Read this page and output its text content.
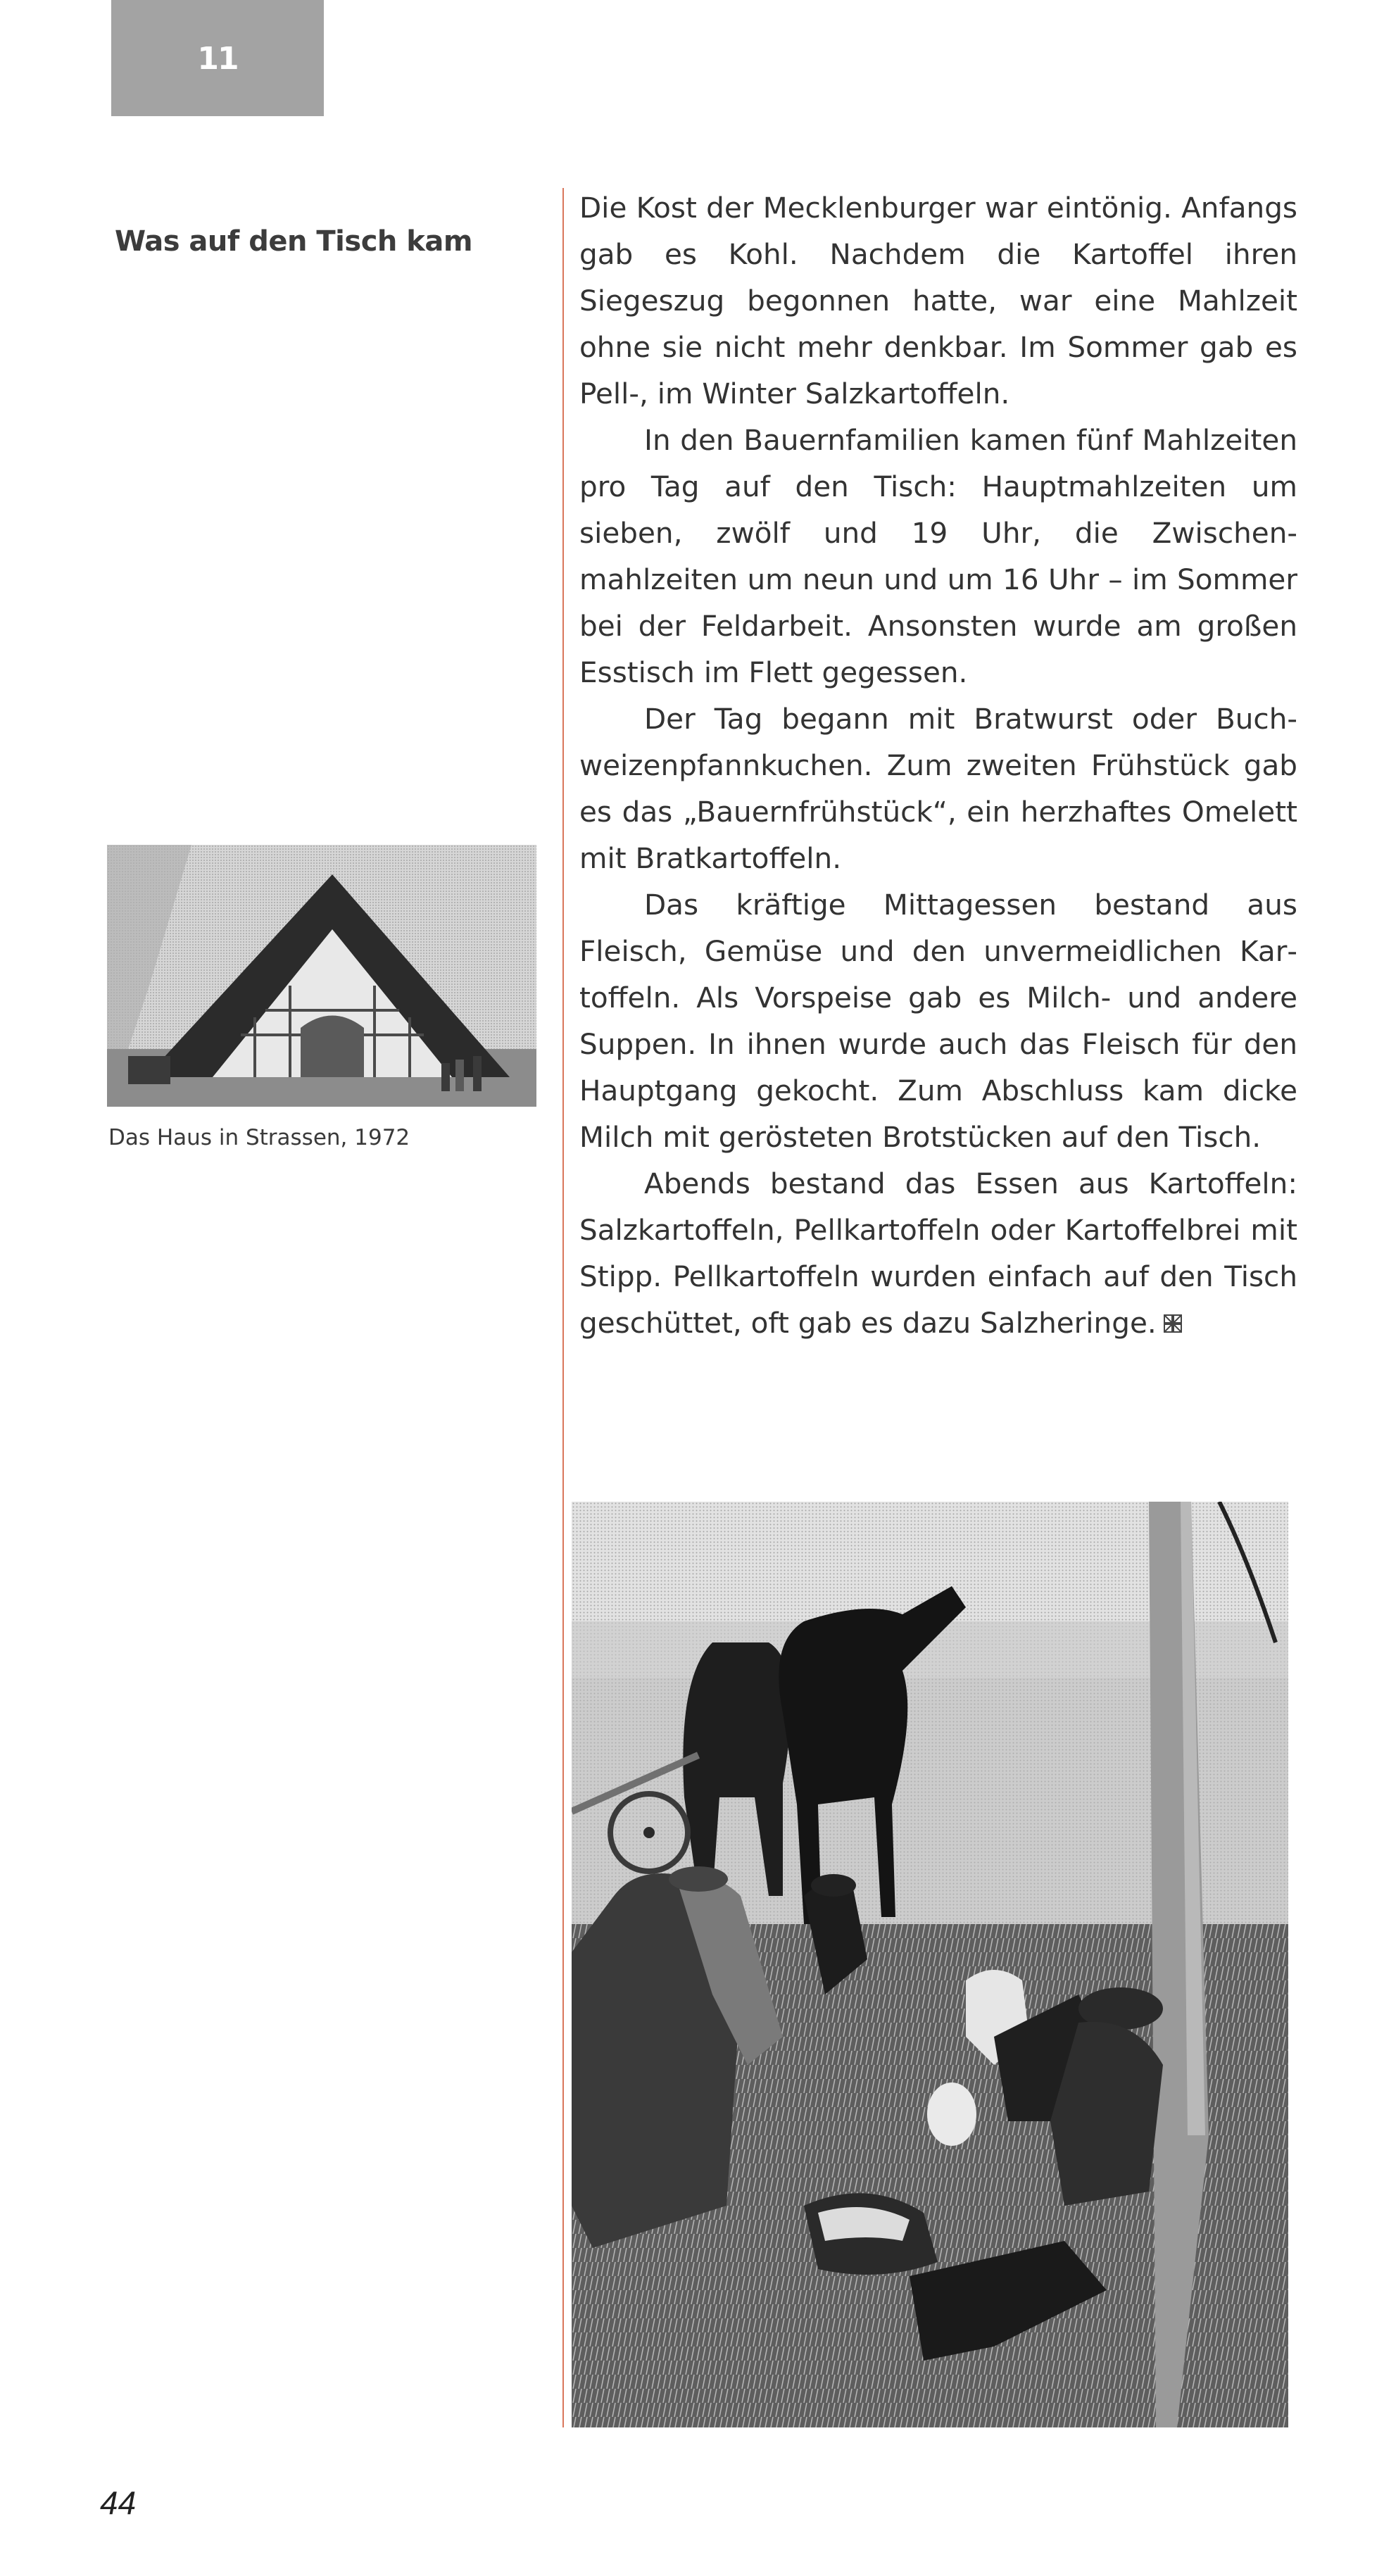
11
Was auf den Tisch kam

Die Kost der Mecklenburger war eintönig. Anfangs gab es Kohl. Nachdem die Kartoffel ihren Siegeszug begonnen hatte, war eine Mahlzeit ohne sie nicht mehr denkbar. Im Sommer gab es Pell-, im Winter Salzkartoffeln.

In den Bauernfamilien kamen fünf Mahlzeiten pro Tag auf den Tisch: Hauptmahlzeiten um sieben, zwölf und 19 Uhr, die Zwischenmahlzeiten um neun und um 16 Uhr – im Sommer bei der Feldarbeit. Ansonsten wurde am großen Esstisch im Flett gegessen.

Der Tag begann mit Bratwurst oder Buchweizenpfannkuchen. Zum zweiten Frühstück gab es das „Bauernfrühstück“, ein herzhaftes Omelett mit Bratkartoffeln.

Das kräftige Mittagessen bestand aus Fleisch, Gemüse und den unvermeidlichen Kartoffeln. Als Vorspeise gab es Milch- und andere Suppen. In ihnen wurde auch das Fleisch für den Hauptgang gekocht. Zum Abschluss kam dicke Milch mit gerösteten Brotstücken auf den Tisch.

Abends bestand das Essen aus Kartoffeln: Salzkartoffeln, Pellkartoffeln oder Kartoffelbrei mit Stipp. Pellkartoffeln wurden einfach auf den Tisch geschüttet, oft gab es dazu Salzheringe.

Das Haus in Strassen, 1972
44
